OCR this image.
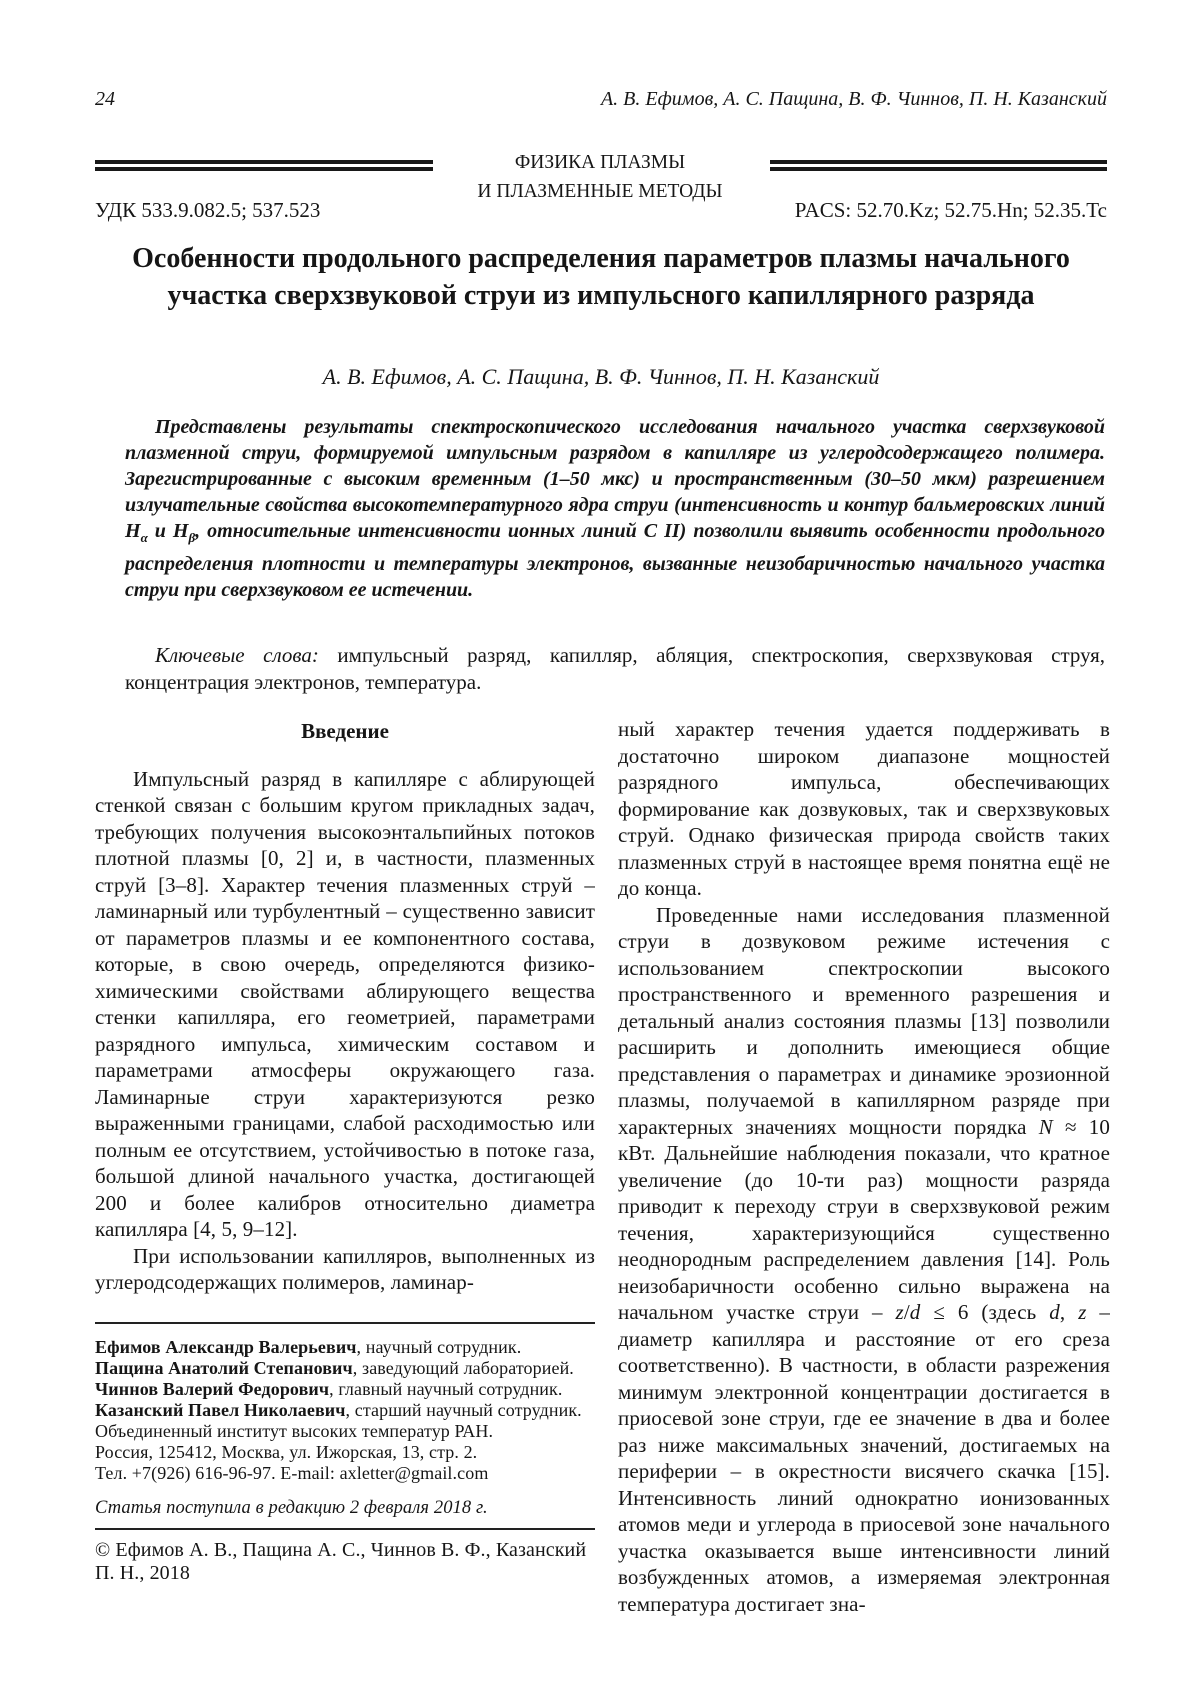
24	А. В. Ефимов, А. С. Пащина, В. Ф. Чиннов, П. Н. Казанский
ФИЗИКА ПЛАЗМЫ
И ПЛАЗМЕННЫЕ МЕТОДЫ
УДК 533.9.082.5; 537.523	PACS: 52.70.Kz; 52.75.Hn; 52.35.Tc
Особенности продольного распределения параметров плазмы начального участка сверхзвуковой струи из импульсного капиллярного разряда
А. В. Ефимов, А. С. Пащина, В. Ф. Чиннов, П. Н. Казанский
Представлены результаты спектроскопического исследования начального участка сверхзвуковой плазменной струи, формируемой импульсным разрядом в капилляре из углеродсодержащего полимера. Зарегистрированные с высоким временным (1–50 мкс) и пространственным (30–50 мкм) разрешением излучательные свойства высокотемпературного ядра струи (интенсивность и контур бальмеровских линий $H_\alpha$ и $H_\beta$, относительные интенсивности ионных линий C II) позволили выявить особенности продольного распределения плотности и температуры электронов, вызванные неизобаричностью начального участка струи при сверхзвуковом ее истечении.
Ключевые слова: импульсный разряд, капилляр, абляция, спектроскопия, сверхзвуковая струя, концентрация электронов, температура.
Введение

Импульсный разряд в капилляре с аблирующей стенкой связан с большим кругом прикладных задач, требующих получения высокоэнтальпийных потоков плотной плазмы [0, 2] и, в частности, плазменных струй [3–8]. Характер течения плазменных струй – ламинарный или турбулентный – существенно зависит от параметров плазмы и ее компонентного состава, которые, в свою очередь, определяются физико-химическими свойствами аблирующего вещества стенки капилляра, его геометрией, параметрами разрядного импульса, химическим составом и параметрами атмосферы окружающего газа. Ламинарные струи характеризуются резко выраженными границами, слабой расходимостью или полным ее отсутствием, устойчивостью в потоке газа, большой длиной начального участка, достигающей 200 и более калибров относительно диаметра капилляра [4, 5, 9–12].

При использовании капилляров, выполненных из углеродсодержащих полимеров, ламинар-

ный характер течения удается поддерживать в достаточно широком диапазоне мощностей разрядного импульса, обеспечивающих формирование как дозвуковых, так и сверхзвуковых струй. Однако физическая природа свойств таких плазменных струй в настоящее время понятна ещё не до конца.

Проведенные нами исследования плазменной струи в дозвуковом режиме истечения с использованием спектроскопии высокого пространственного и временного разрешения и детальный анализ состояния плазмы [13] позволили расширить и дополнить имеющиеся общие представления о параметрах и динамике эрозионной плазмы, получаемой в капиллярном разряде при характерных значениях мощности порядка N ≈ 10 кВт. Дальнейшие наблюдения показали, что кратное увеличение (до 10-ти раз) мощности разряда приводит к переходу струи в сверхзвуковой режим течения, характеризующийся существенно неоднородным распределением давления [14]. Роль неизобаричности особенно сильно выражена на начальном участке струи – z/d ≤ 6 (здесь d, z – диаметр капилляра и расстояние от его среза соответственно). В частности, в области разрежения минимум электронной концентрации достигается в приосевой зоне струи, где ее значение в два и более раз ниже максимальных значений, достигаемых на периферии – в окрестности висячего скачка [15]. Интенсивность линий однократно ионизованных атомов меди и углерода в приосевой зоне начального участка оказывается выше интенсивности линий возбужденных атомов, а измеряемая электронная температура достигает зна-

Ефимов Александр Валерьевич, научный сотрудник.
Пащина Анатолий Степанович, заведующий лабораторией.
Чиннов Валерий Федорович, главный научный сотрудник.
Казанский Павел Николаевич, старший научный сотрудник.
Объединенный институт высоких температур РАН.
Россия, 125412, Москва, ул. Ижорская, 13, стр. 2.
Тел. +7(926) 616-96-97. E-mail: axletter@gmail.com
Статья поступила в редакцию 2 февраля 2018 г.
© Ефимов А. В., Пащина А. С., Чиннов В. Ф., Казанский П. Н., 2018
